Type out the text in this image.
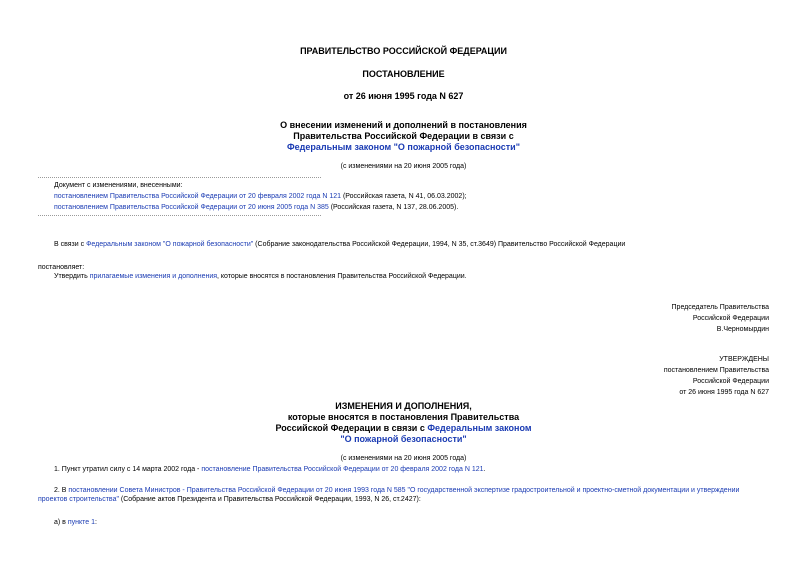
ПРАВИТЕЛЬСТВО РОССИЙСКОЙ ФЕДЕРАЦИИ
ПОСТАНОВЛЕНИЕ
от 26 июня 1995 года N 627
О внесении изменений и дополнений в постановления
Правительства Российской Федерации в связи с
Федеральным законом "О пожарной безопасности"
(с изменениями на 20 июня 2005 года)
Документ с изменениями, внесенными:
постановлением Правительства Российской Федерации от 20 февраля 2002 года N 121 (Российская газета, N 41, 06.03.2002);
постановлением Правительства Российской Федерации от 20 июня 2005 года N 385 (Российская газета, N 137, 28.06.2005).
В связи с Федеральным законом "О пожарной безопасности" (Собрание законодательства Российской Федерации, 1994, N 35, ст.3649) Правительство Российской Федерации
постановляет:
Утвердить прилагаемые изменения и дополнения, которые вносятся в постановления Правительства Российской Федерации.
Председатель Правительства
Российской Федерации
В.Черномырдин
УТВЕРЖДЕНЫ
постановлением Правительства
Российской Федерации
от 26 июня 1995 года N 627
ИЗМЕНЕНИЯ И ДОПОЛНЕНИЯ,
которые вносятся в постановления Правительства
Российской Федерации в связи с Федеральным законом
"О пожарной безопасности"
(с изменениями на 20 июня 2005 года)
1. Пункт утратил силу с 14 марта 2002 года - постановление Правительства Российской Федерации от 20 февраля 2002 года N 121.
2. В постановлении Совета Министров - Правительства Российской Федерации от 20 июня 1993 года N 585 "О государственной экспертизе градостроительной и проектно-сметной документации и утверждении
проектов строительства" (Собрание актов Президента и Правительства Российской Федерации, 1993, N 26, ст.2427):
а) в пункте 1:
